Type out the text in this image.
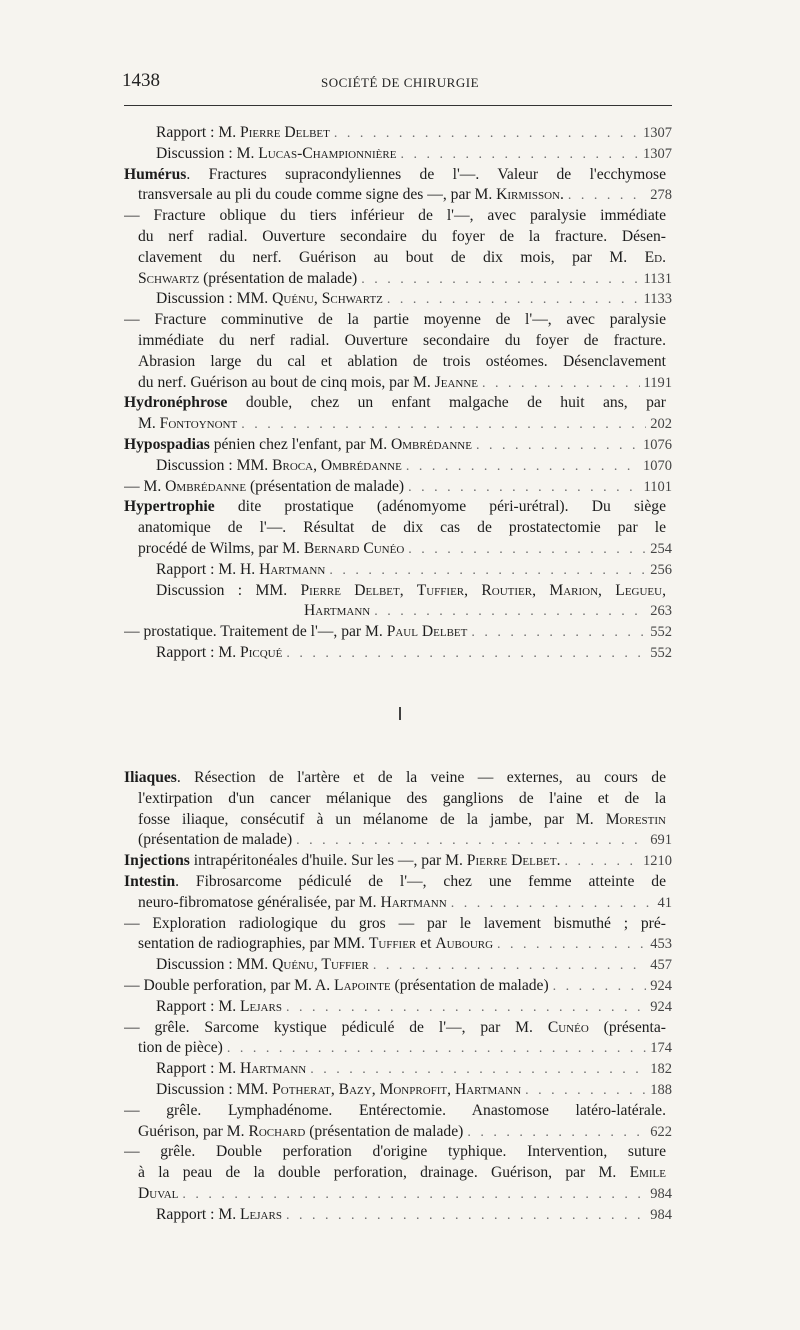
1438	SOCIÉTÉ DE CHIRURGIE
Rapport : M. Pierre Delbet . . .	1307
Discussion : M. Lucas-Championnière . . .	1307
Humérus. Fractures supracondyliennes de l'—. Valeur de l'ecchymose
transversale au pli du coude comme signe des —, par M. Kirmisson. . . .	278
— Fracture oblique du tiers inférieur de l'—, avec paralysie immédiate
du nerf radial. Ouverture secondaire du foyer de la fracture. Désen-
clavement du nerf. Guérison au bout de dix mois, par M. Ed.
Schwartz (présentation de malade) . . .	1131
Discussion : MM. Quénu, Schwartz . . .	1133
— Fracture comminutive de la partie moyenne de l'—, avec paralysie
immédiate du nerf radial. Ouverture secondaire du foyer de fracture.
Abrasion large du cal et ablation de trois ostéomes. Désenclavement
du nerf. Guérison au bout de cinq mois, par M. Jeanne . . .	1191
Hydronéphrose double, chez un enfant malgache de huit ans, par
M. Fontoynont . . .	202
Hypospadias pénien chez l'enfant, par M. Ombrédanne . . .	1076
Discussion : MM. Broca, Ombrédanne . . .	1070
— M. Ombrédanne (présentation de malade) . . .	1101
Hypertrophie dite prostatique (adénomyome péri-urétral). Du siège
anatomique de l'—. Résultat de dix cas de prostatectomie par le
procédé de Wilms, par M. Bernard Cunéo . . .	254
Rapport : M. H. Hartmann . . .	256
Discussion : MM. Pierre Delbet, Tuffier, Routier, Marion, Legueu,
Hartmann . . .	263
— prostatique. Traitement de l'—, par M. Paul Delbet . . .	552
Rapport : M. Picqué . . .	552
I
Iliaques. Résection de l'artère et de la veine — externes, au cours de
l'extirpation d'un cancer mélanique des ganglions de l'aine et de la
fosse iliaque, consécutif à un mélanome de la jambe, par M. Morestin
(présentation de malade) . . .	691
Injections intrapéritonéales d'huile. Sur les —, par M. Pierre Delbet. . . .	1210
Intestin. Fibrosarcome pédiculé de l'—, chez une femme atteinte de
neuro-fibromatose généralisée, par M. Hartmann . . .	41
— Exploration radiologique du gros — par le lavement bismuthé ; pré-
sentation de radiographies, par MM. Tuffier et Aubourg . . .	453
Discussion : MM. Quénu, Tuffier . . .	457
— Double perforation, par M. A. Lapointe (présentation de malade) . . .	924
Rapport : M. Lejars . . .	924
— grêle. Sarcome kystique pédiculé de l'—, par M. Cunéo (présenta-
tion de pièce) . . .	174
Rapport : M. Hartmann . . .	182
Discussion : MM. Potherat, Bazy, Monprofit, Hartmann . . .	188
— grêle. Lymphadénome. Entérectomie. Anastomose latéro-latérale.
Guérison, par M. Rochard (présentation de malade) . . .	622
— grêle. Double perforation d'origine typhique. Intervention, suture
à la peau de la double perforation, drainage. Guérison, par M. Emile
Duval . . .	984
Rapport : M. Lejars . . .	984
